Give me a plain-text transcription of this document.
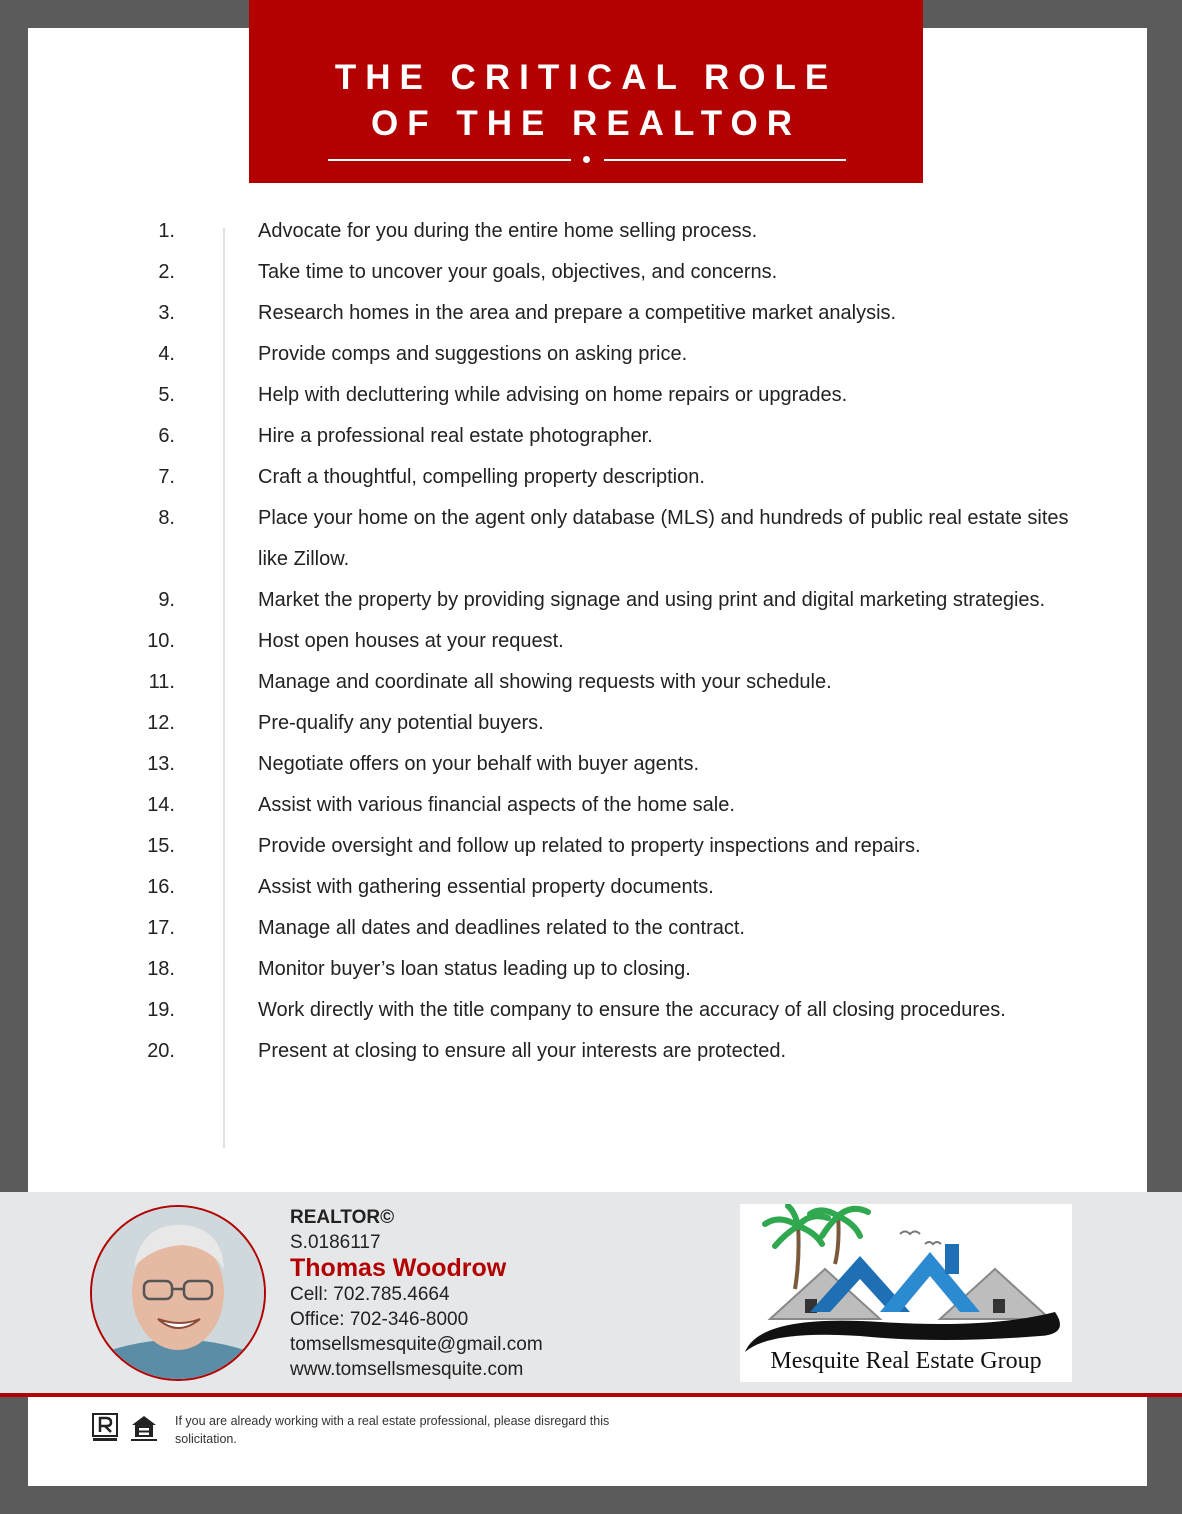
THE CRITICAL ROLE
OF THE REALTOR
1.	Advocate for you during the entire home selling process.
2.	Take time to uncover your goals, objectives, and concerns.
3.	Research homes in the area and prepare a competitive market analysis.
4.	Provide comps and suggestions on asking price.
5.	Help with decluttering while advising on home repairs or upgrades.
6.	Hire a professional real estate photographer.
7.	Craft a thoughtful, compelling property description.
8.	Place your home on the agent only database (MLS) and hundreds of public real estate sites like Zillow.
9.	Market the property by providing signage and using print and digital marketing strategies.
10.	Host open houses at your request.
11.	Manage and coordinate all showing requests with your schedule.
12.	Pre-qualify any potential buyers.
13.	Negotiate offers on your behalf with buyer agents.
14.	Assist with various financial aspects of the home sale.
15.	Provide oversight and follow up related to property inspections and repairs.
16.	Assist with gathering essential property documents.
17.	Manage all dates and deadlines related to the contract.
18.	Monitor buyer’s loan status leading up to closing.
19.	Work directly with the title company to ensure the accuracy of all closing procedures.
20.	Present at closing to ensure all your interests are protected.
REALTOR©
S.0186117
Thomas Woodrow
Cell: 702.785.4664
Office: 702-346-8000
tomsellsmesquite@gmail.com
www.tomsellsmesquite.com	Mesquite Real Estate Group
If you are already working with a real estate professional, please disregard this solicitation.
